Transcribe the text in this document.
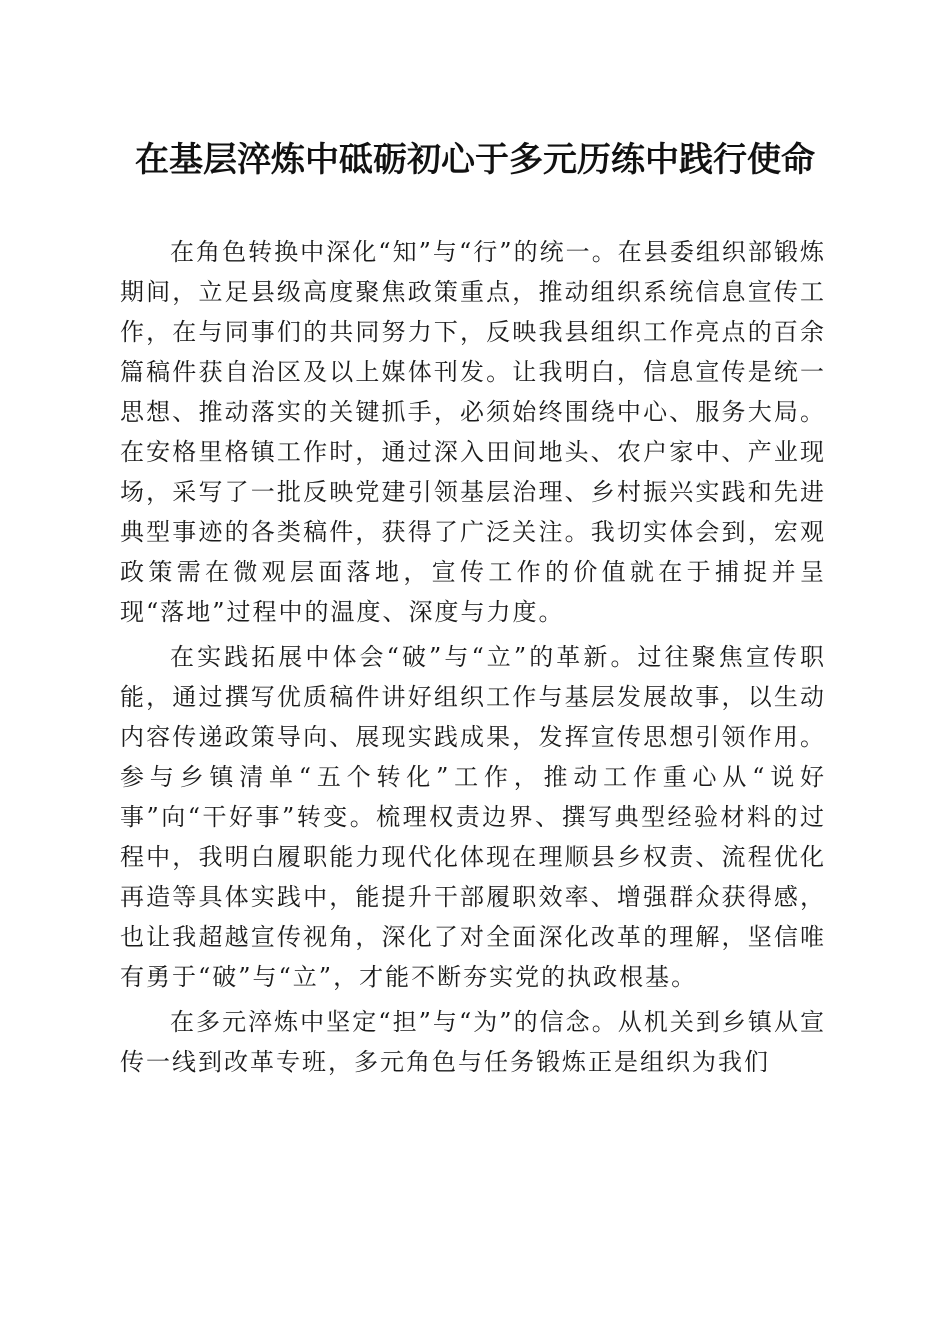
在基层淬炼中砥砺初心于多元历练中践行使命

在角色转换中深化“知”与“行”的统一。在县委组织部锻炼期间，立足县级高度聚焦政策重点，推动组织系统信息宣传工作，在与同事们的共同努力下，反映我县组织工作亮点的百余篇稿件获自治区及以上媒体刊发。让我明白，信息宣传是统一思想、推动落实的关键抓手，必须始终围绕中心、服务大局。在安格里格镇工作时，通过深入田间地头、农户家中、产业现场，采写了一批反映党建引领基层治理、乡村振兴实践和先进典型事迹的各类稿件，获得了广泛关注。我切实体会到，宏观政策需在微观层面落地，宣传工作的价值就在于捕捉并呈现“落地”过程中的温度、深度与力度。

在实践拓展中体会“破”与“立”的革新。过往聚焦宣传职能，通过撰写优质稿件讲好组织工作与基层发展故事，以生动内容传递政策导向、展现实践成果，发挥宣传思想引领作用。参与乡镇清单“五个转化”工作，推动工作重心从“说好事”向“干好事”转变。梳理权责边界、撰写典型经验材料的过程中，我明白履职能力现代化体现在理顺县乡权责、流程优化再造等具体实践中，能提升干部履职效率、增强群众获得感，也让我超越宣传视角，深化了对全面深化改革的理解，坚信唯有勇于“破”与“立”，才能不断夯实党的执政根基。

在多元淬炼中坚定“担”与“为”的信念。从机关到乡镇从宣传一线到改革专班，多元角色与任务锻炼正是组织为我们
